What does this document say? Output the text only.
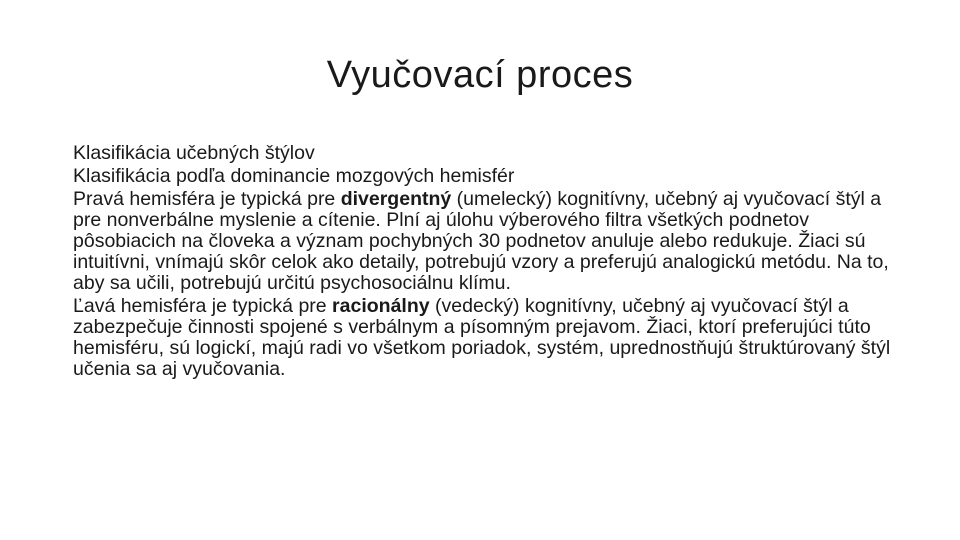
Vyučovací proces

Klasifikácia učebných štýlov

Klasifikácia podľa dominancie mozgových hemisfér

Pravá hemisféra je typická pre divergentný (umelecký) kognitívny, učebný aj vyučovací štýl a pre nonverbálne myslenie a cítenie. Plní aj úlohu výberového filtra všetkých podnetov pôsobiacich na človeka a význam pochybných 30 podnetov anuluje alebo redukuje. Žiaci sú intuitívni, vnímajú skôr celok ako detaily, potrebujú vzory a preferujú analogickú metódu. Na to, aby sa učili, potrebujú určitú psychosociálnu klímu.

Ľavá hemisféra je typická pre racionálny (vedecký) kognitívny, učebný aj vyučovací štýl a zabezpečuje činnosti spojené s verbálnym a písomným prejavom. Žiaci, ktorí preferujúci túto hemisféru, sú logickí, majú radi vo všetkom poriadok, systém, uprednostňujú štruktúrovaný štýl učenia sa aj vyučovania.
